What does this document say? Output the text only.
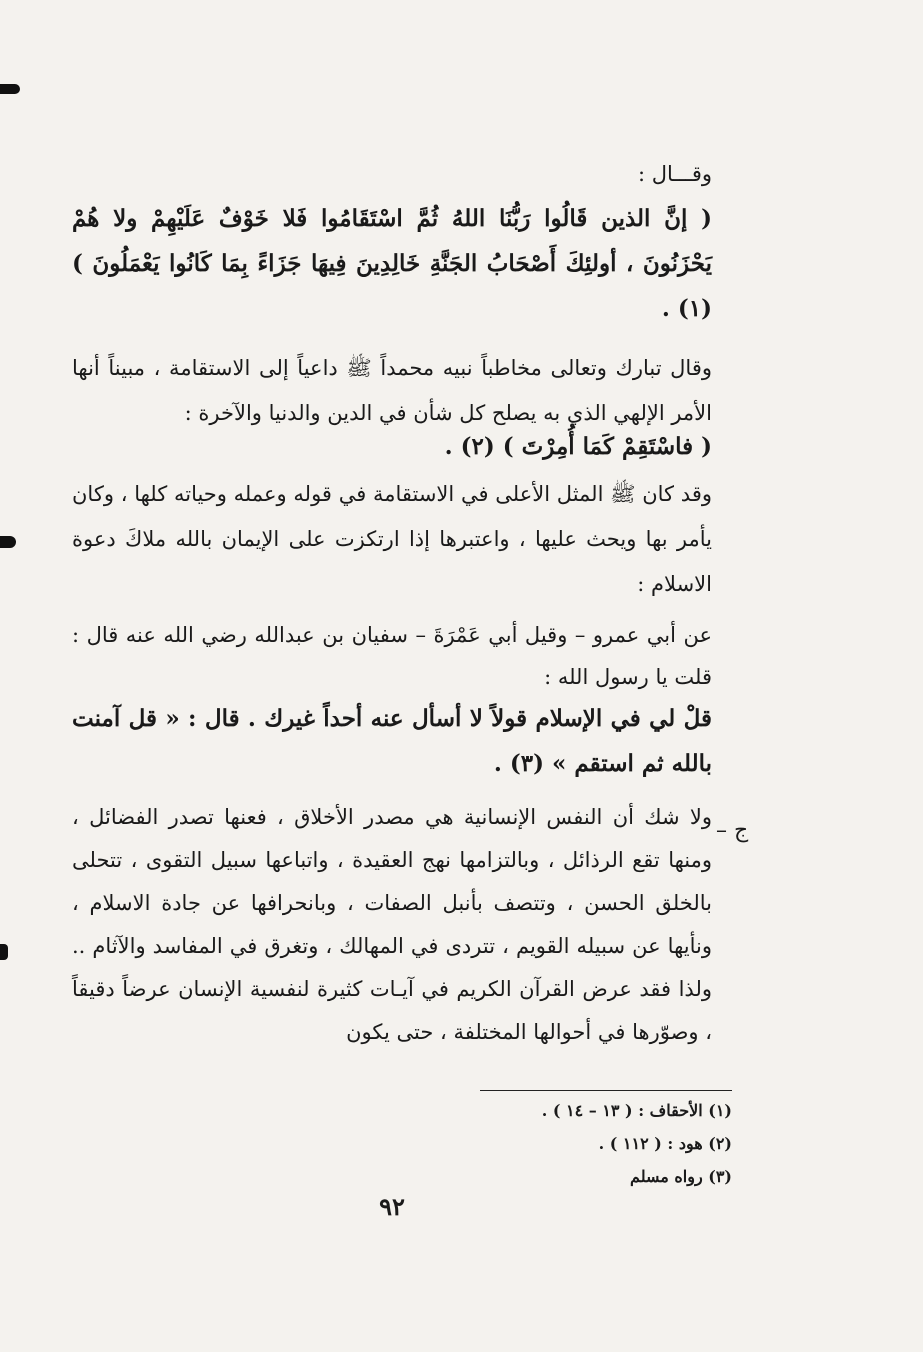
وقـــال :

( إنَّ الذين قَالُوا رَبُّنَا اللهُ ثُمَّ اسْتَقَامُوا فَلا خَوْفٌ عَلَيْهِمْ ولا هُمْ يَحْزَنُونَ ، أولئِكَ أَصْحَابُ الجَنَّةِ خَالِدِينَ فِيهَا جَزَاءً بِمَا كَانُوا يَعْمَلُونَ ) (١) .

وقال تبارك وتعالى مخاطباً نبيه محمداً ﷺ داعياً إلى الاستقامة ، مبيناً أنها الأمر الإلهي الذي به يصلح كل شأن في الدين والدنيا والآخرة :

( فاسْتَقِمْ كَمَا أُمِرْتَ ) (٢) .

وقد كان ﷺ المثل الأعلى في الاستقامة في قوله وعمله وحياته كلها ، وكان يأمر بها ويحث عليها ، واعتبرها إذا ارتكزت على الإيمان بالله ملاكَ دعوة الاسلام :

عن أبي عمرو – وقيل أبي عَمْرَةَ – سفيان بن عبدالله رضي الله عنه قال : قلت يا رسول الله :

قلْ لي في الإسلام قولاً لا أسأل عنه أحداً غيرك . قال : « قل آمنت بالله ثم استقم » (٣) .

ج –

ولا شك أن النفس الإنسانية هي مصدر الأخلاق ، فعنها تصدر الفضائل ، ومنها تقع الرذائل ، وبالتزامها نهج العقيدة ، واتباعها سبيل التقوى ، تتحلى بالخلق الحسن ، وتتصف بأنبل الصفات ، وبانحرافها عن جادة الاسلام ، ونأيها عن سبيله القويم ، تتردى في المهالك ، وتغرق في المفاسد والآثام .. ولذا فقد عرض القرآن الكريم في آيـات كثيرة لنفسية الإنسان عرضاً دقيقاً ، وصوّرها في أحوالها المختلفة ، حتى يكون

(١) الأحقاف : ( ١٣ – ١٤ ) .
(٢) هود : ( ١١٢ ) .
(٣) رواه مسلم
٩٢
